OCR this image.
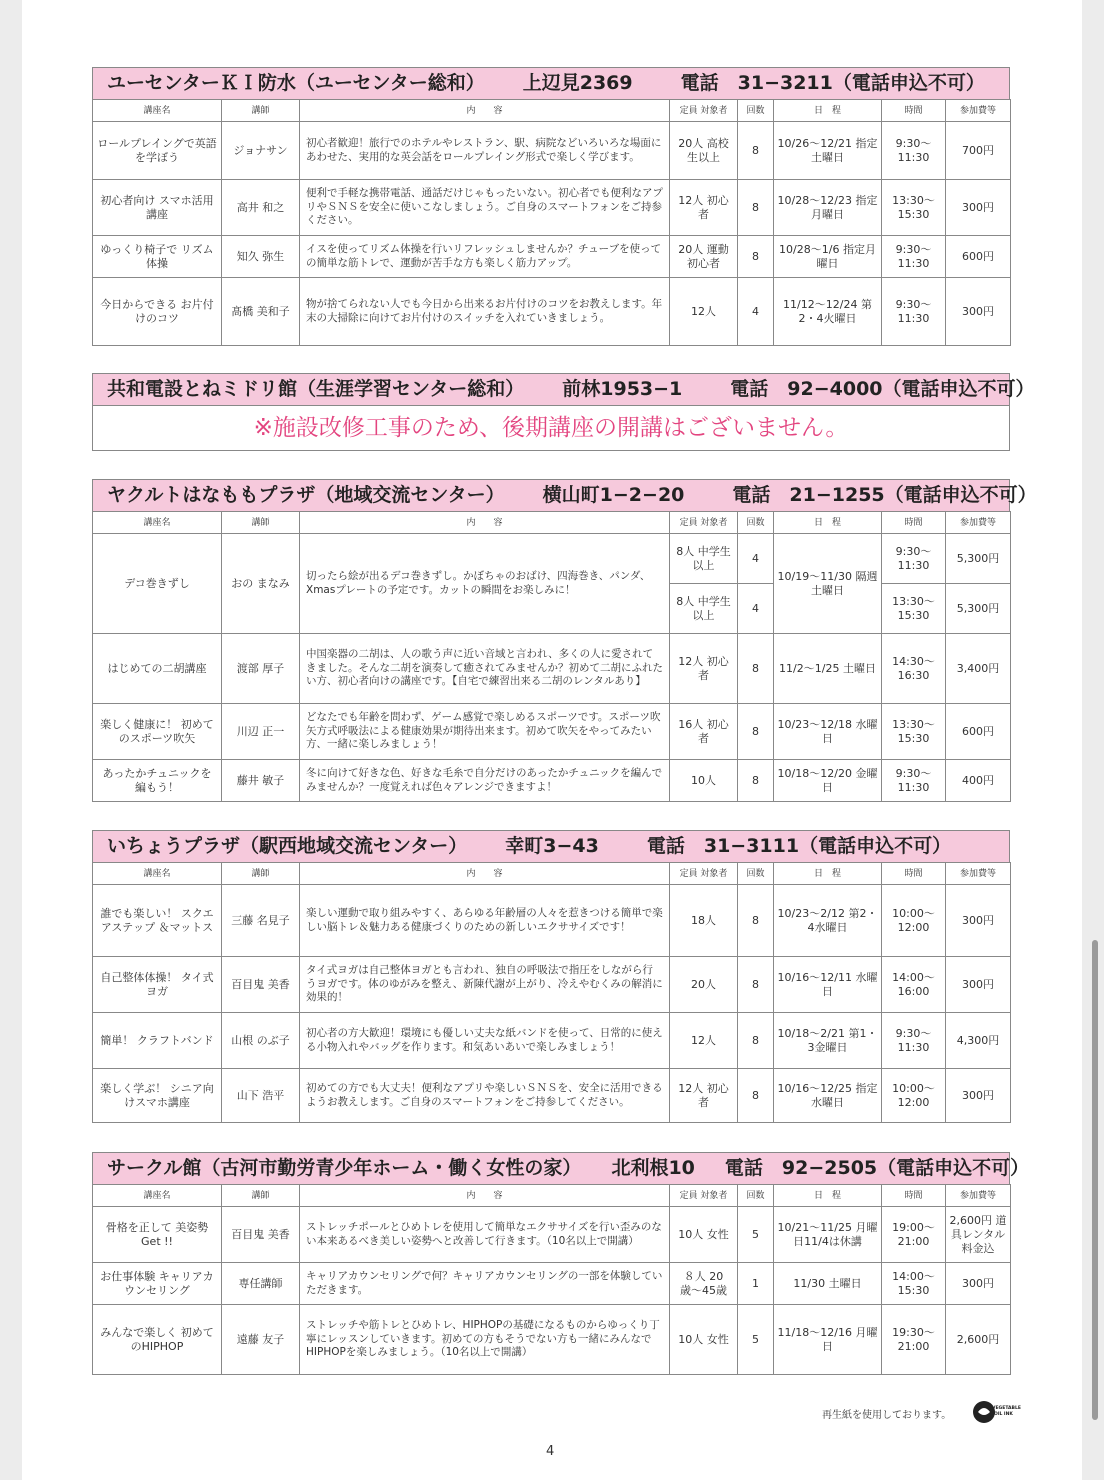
ユーセンターＫＩ防水（ユーセンター総和） 上辺見2369	電話　31−3211（電話申込不可）
講座名	講師	内　　容	定員 対象者	回数	日　程	時間	参加費等
ロールプレイングで英語を学ぼう	ジョナサン	初心者歓迎！旅行でのホテルやレストラン、駅、病院などいろいろな場面にあわせた、実用的な英会話をロールプレイング形式で楽しく学びます。	20人 高校生以上	8	10/26〜12/21 指定土曜日	9:30〜 11:30	700円
初心者向け スマホ活用講座	高井 和之	便利で手軽な携帯電話、通話だけじゃもったいない。初心者でも便利なアプリやＳＮＳを安全に使いこなしましょう。ご自身のスマートフォンをご持参ください。	12人 初心者	8	10/28〜12/23 指定月曜日	13:30〜 15:30	300円
ゆっくり椅子で リズム体操	知久 弥生	イスを使ってリズム体操を行いリフレッシュしませんか？チューブを使っての簡単な筋トレで、運動が苦手な方も楽しく筋力アップ。	20人 運動初心者	8	10/28〜1/6 指定月曜日	9:30〜 11:30	600円
今日からできる お片付けのコツ	髙橋 美和子	物が捨てられない人でも今日から出来るお片付けのコツをお教えします。年末の大掃除に向けてお片付けのスイッチを入れていきましょう。	12人	4	11/12〜12/24 第2・4火曜日	9:30〜 11:30	300円
共和電設とねミドリ館（生涯学習センター総和） 前林1953−1	電話　92−4000（電話申込不可）
※施設改修工事のため、後期講座の開講はございません。
ヤクルトはなももプラザ（地域交流センター） 横山町1−2−20	電話　21−1255（電話申込不可）
講座名	講師	内　　容	定員 対象者	回数	日　程	時間	参加費等
デコ巻きずし	おの まなみ	切ったら絵が出るデコ巻きずし。かぼちゃのおばけ、四海巻き、パンダ、Xmasプレートの予定です。カットの瞬間をお楽しみに！	8人 中学生以上	4	10/19〜11/30 隔週土曜日	9:30〜 11:30	5,300円
			8人 中学生以上	4		13:30〜 15:30	5,300円
はじめての二胡講座	渡部 厚子	中国楽器の二胡は、人の歌う声に近い音域と言われ、多くの人に愛されてきました。そんな二胡を演奏して癒されてみませんか？初めて二胡にふれたい方、初心者向けの講座です。【自宅で練習出来る二胡のレンタルあり】	12人 初心者	8	11/2〜1/25 土曜日	14:30〜 16:30	3,400円
楽しく健康に！ 初めてのスポーツ吹矢	川辺 正一	どなたでも年齢を問わず、ゲーム感覚で楽しめるスポーツです。スポーツ吹矢方式呼吸法による健康効果が期待出来ます。初めて吹矢をやってみたい方、一緒に楽しみましょう！	16人 初心者	8	10/23〜12/18 水曜日	13:30〜 15:30	600円
あったかチュニックを 編もう！	藤井 敏子	冬に向けて好きな色、好きな毛糸で自分だけのあったかチュニックを編んでみませんか？一度覚えれば色々アレンジできますよ！	10人	8	10/18〜12/20 金曜日	9:30〜 11:30	400円
いちょうプラザ（駅西地域交流センター） 幸町3−43	電話　31−3111（電話申込不可）
講座名	講師	内　　容	定員 対象者	回数	日　程	時間	参加費等
誰でも楽しい！ スクエアステップ ＆マットス	三藤 名見子	楽しい運動で取り組みやすく、あらゆる年齢層の人々を惹きつける簡単で楽しい脳トレ＆魅力ある健康づくりのための新しいエクササイズです！	18人	8	10/23〜2/12 第2・4水曜日	10:00〜 12:00	300円
自己整体体操！ タイ式ヨガ	百目鬼 美香	タイ式ヨガは自己整体ヨガとも言われ、独自の呼吸法で指圧をしながら行うヨガです。体のゆがみを整え、新陳代謝が上がり、冷えやむくみの解消に効果的！	20人	8	10/16〜12/11 水曜日	14:00〜 16:00	300円
簡単！ クラフトバンド	山根 のぶ子	初心者の方大歓迎！環境にも優しい丈夫な紙バンドを使って、日常的に使える小物入れやバッグを作ります。和気あいあいで楽しみましょう！	12人	8	10/18〜2/21 第1・3金曜日	9:30〜 11:30	4,300円
楽しく学ぶ！ シニア向けスマホ講座	山下 浩平	初めての方でも大丈夫！便利なアプリや楽しいＳＮＳを、安全に活用できるようお教えします。ご自身のスマートフォンをご持参してください。	12人 初心者	8	10/16〜12/25 指定水曜日	10:00〜 12:00	300円
サークル館（古河市勤労青少年ホーム・働く女性の家） 北利根10 電話　92−2505（電話申込不可）
講座名	講師	内　　容	定員 対象者	回数	日　程	時間	参加費等
骨格を正して 美姿勢Get !!	百目鬼 美香	ストレッチポールとひめトレを使用して簡単なエクササイズを行い歪みのない本来あるべき美しい姿勢へと改善して行きます。（10名以上で開講）	10人 女性	5	10/21〜11/25 月曜日11/4は休講	19:00〜 21:00	2,600円 道具レンタル料金込
お仕事体験 キャリアカウンセリング	専任講師	キャリアカウンセリングで何？キャリアカウンセリングの一部を体験していただきます。	８人 20歳〜45歳	1	11/30 土曜日	14:00〜 15:30	300円
みんなで楽しく 初めてのHIPHOP	遠藤 友子	ストレッチや筋トレとひめトレ、HIPHOPの基礎になるものからゆっくり丁寧にレッスンしていきます。初めての方もそうでない方も一緒にみんなでHIPHOPを楽しみましょう。（10名以上で開講）	10人 女性	5	11/18〜12/16 月曜日	19:30〜 21:00	2,600円
再生紙を使用しております。
VEGETABLE
OIL INK
4
